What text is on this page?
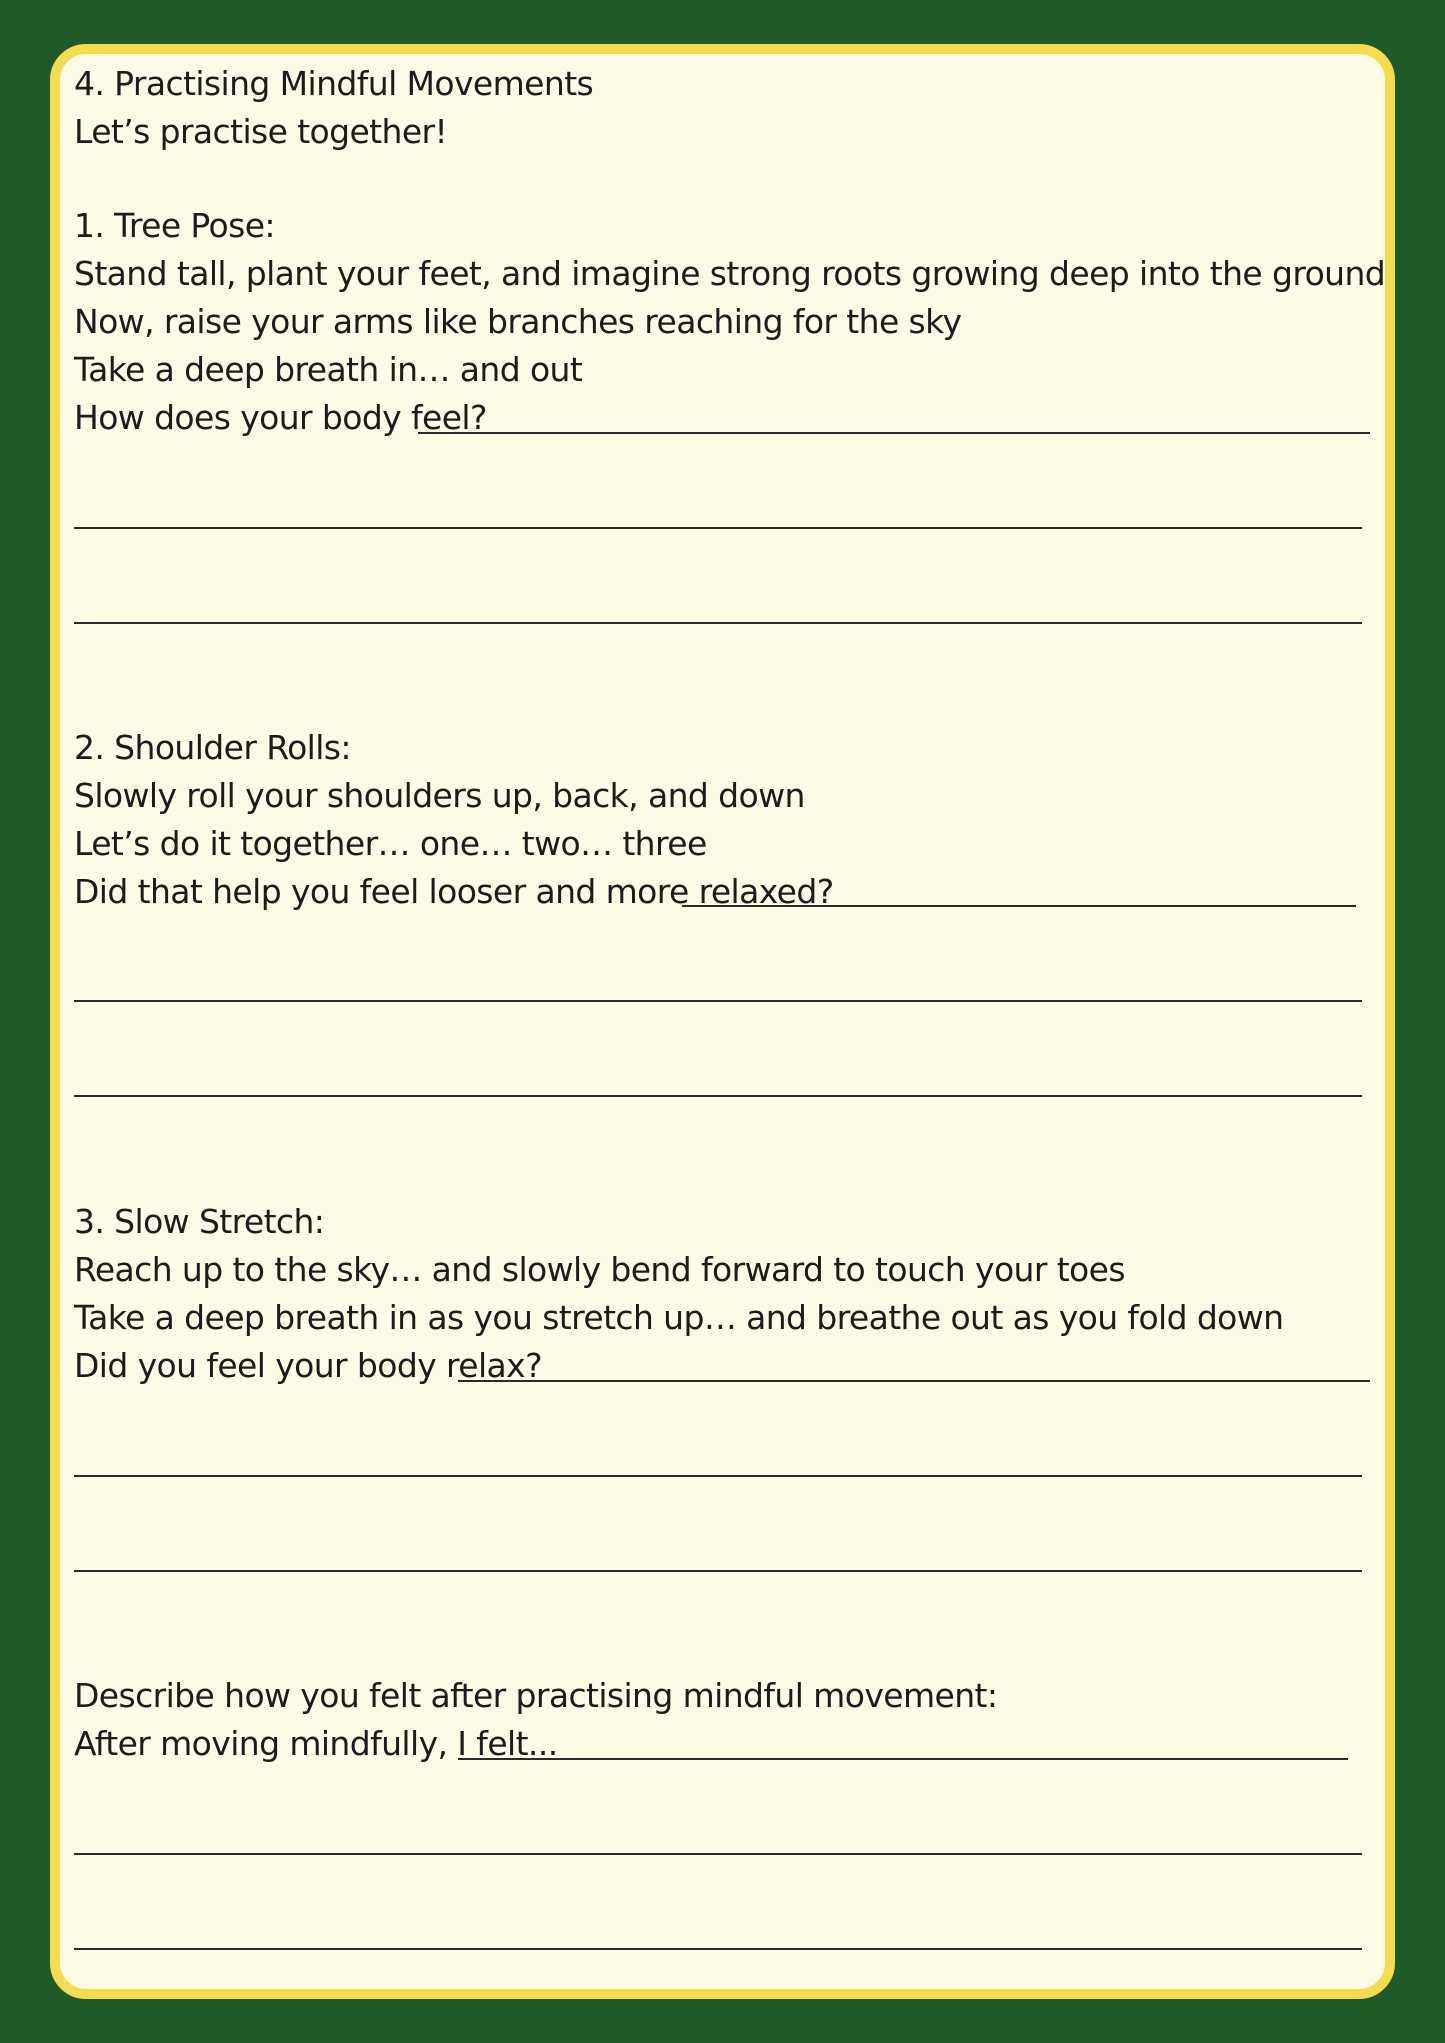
4. Practising Mindful Movements
Let’s practise together!
1. Tree Pose:
Stand tall, plant your feet, and imagine strong roots growing deep into the ground
Now, raise your arms like branches reaching for the sky
Take a deep breath in… and out
How does your body feel?
2. Shoulder Rolls:
Slowly roll your shoulders up, back, and down
Let’s do it together… one… two… three
Did that help you feel looser and more relaxed?
3. Slow Stretch:
Reach up to the sky… and slowly bend forward to touch your toes
Take a deep breath in as you stretch up… and breathe out as you fold down
Did you feel your body relax?
Describe how you felt after practising mindful movement:
After moving mindfully, I felt...
